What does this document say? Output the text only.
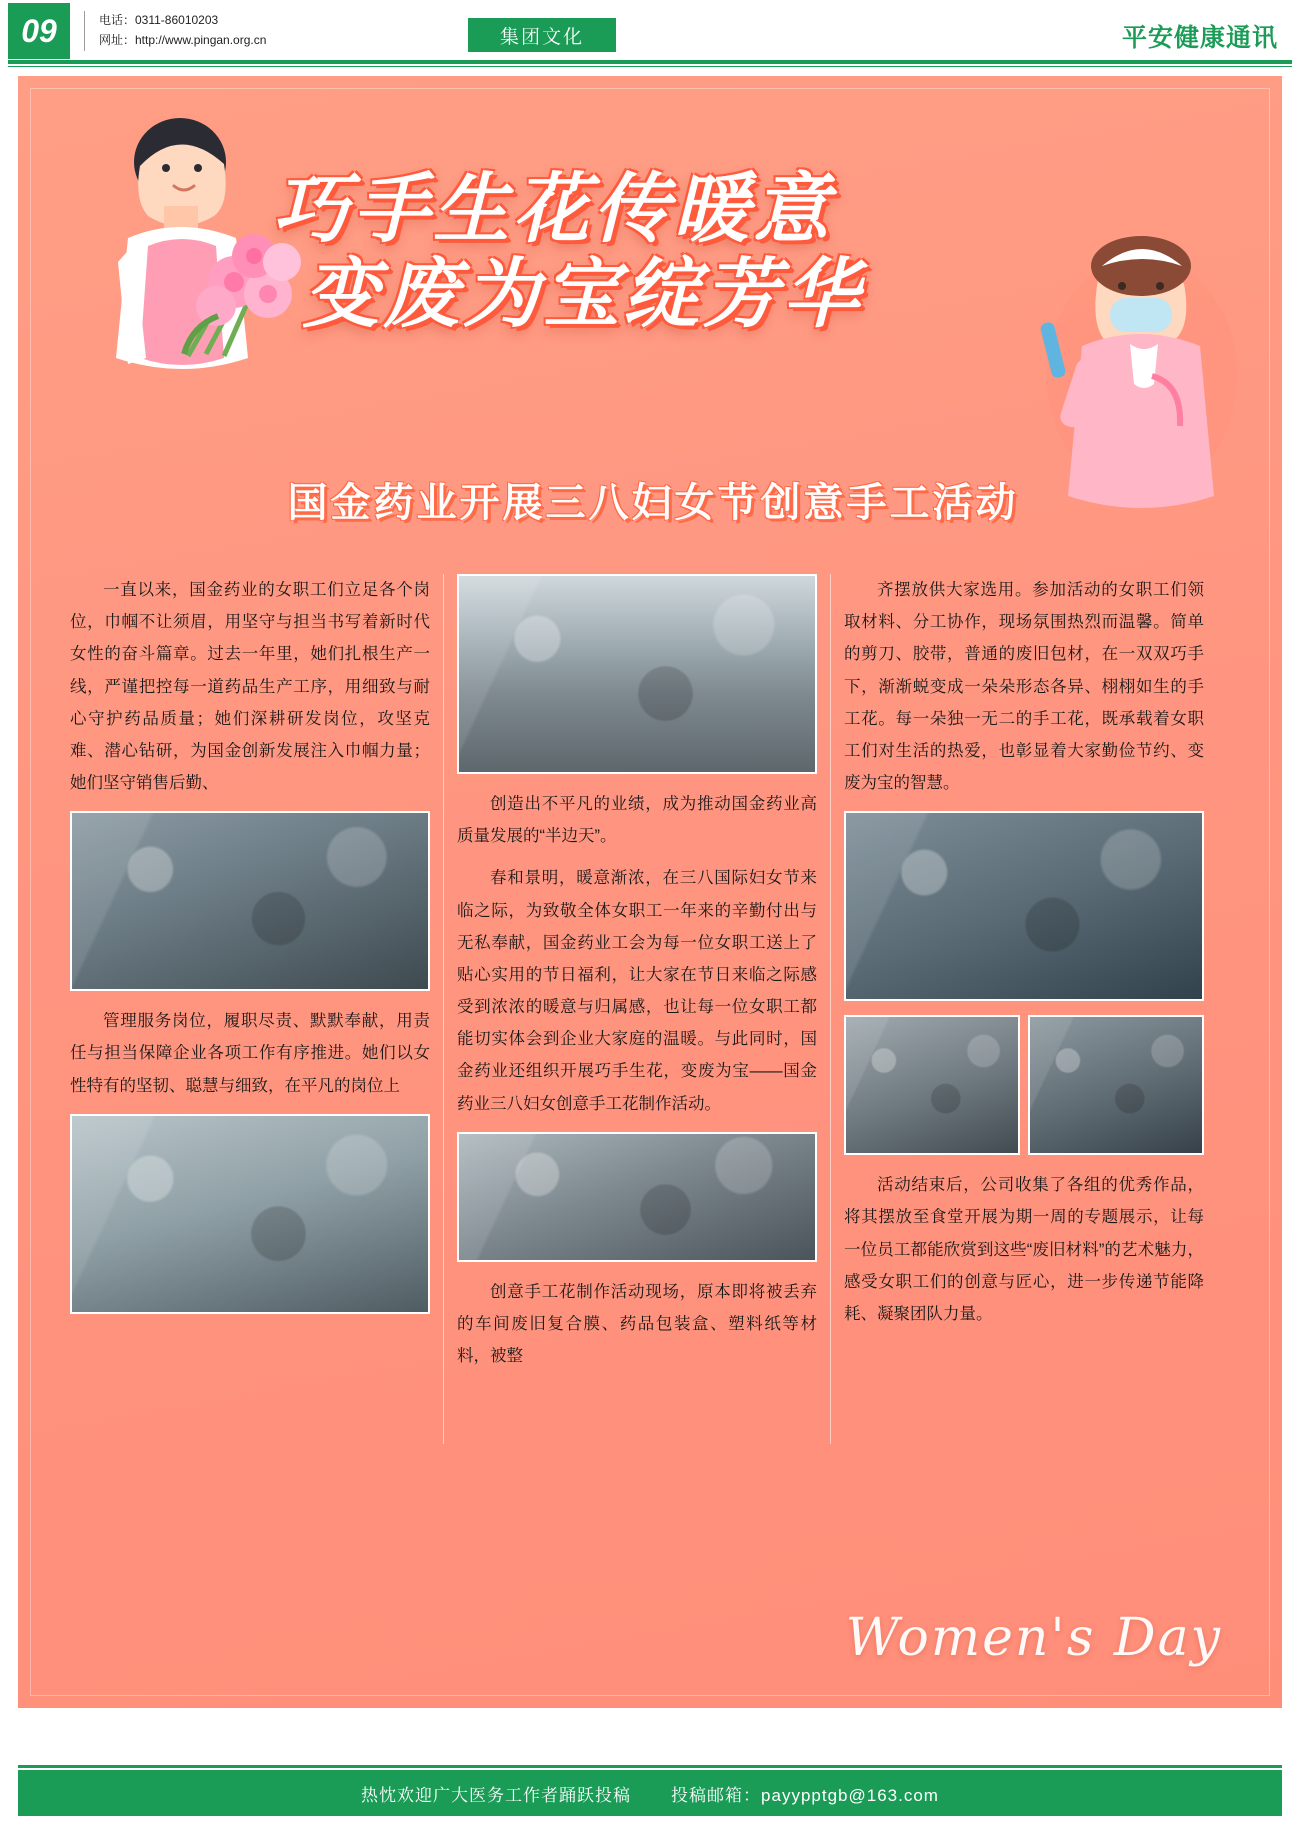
09	电话：0311-86010203
网址：http://www.pingan.org.cn	集团文化	平安健康通讯
巧手生花传暖意
变废为宝绽芳华
国金药业开展三八妇女节创意手工活动

一直以来，国金药业的女职工们立足各个岗位，巾帼不让须眉，用坚守与担当书写着新时代女性的奋斗篇章。过去一年里，她们扎根生产一线，严谨把控每一道药品生产工序，用细致与耐心守护药品质量；她们深耕研发岗位，攻坚克难、潜心钻研，为国金创新发展注入巾帼力量；她们坚守销售后勤、

管理服务岗位，履职尽责、默默奉献，用责任与担当保障企业各项工作有序推进。她们以女性特有的坚韧、聪慧与细致，在平凡的岗位上

创造出不平凡的业绩，成为推动国金药业高质量发展的“半边天”。

春和景明，暖意渐浓，在三八国际妇女节来临之际，为致敬全体女职工一年来的辛勤付出与无私奉献，国金药业工会为每一位女职工送上了贴心实用的节日福利，让大家在节日来临之际感受到浓浓的暖意与归属感，也让每一位女职工都能切实体会到企业大家庭的温暖。与此同时，国金药业还组织开展巧手生花，变废为宝——国金药业三八妇女创意手工花制作活动。

创意手工花制作活动现场，原本即将被丢弃的车间废旧复合膜、药品包装盒、塑料纸等材料，被整

齐摆放供大家选用。参加活动的女职工们领取材料、分工协作，现场氛围热烈而温馨。简单的剪刀、胶带，普通的废旧包材，在一双双巧手下，渐渐蜕变成一朵朵形态各异、栩栩如生的手工花。每一朵独一无二的手工花，既承载着女职工们对生活的热爱，也彰显着大家勤俭节约、变废为宝的智慧。

活动结束后，公司收集了各组的优秀作品，将其摆放至食堂开展为期一周的专题展示，让每一位员工都能欣赏到这些“废旧材料”的艺术魅力，感受女职工们的创意与匠心，进一步传递节能降耗、凝聚团队力量。

Women's Day
热忱欢迎广大医务工作者踊跃投稿 投稿邮箱：payypptgb@163.com
